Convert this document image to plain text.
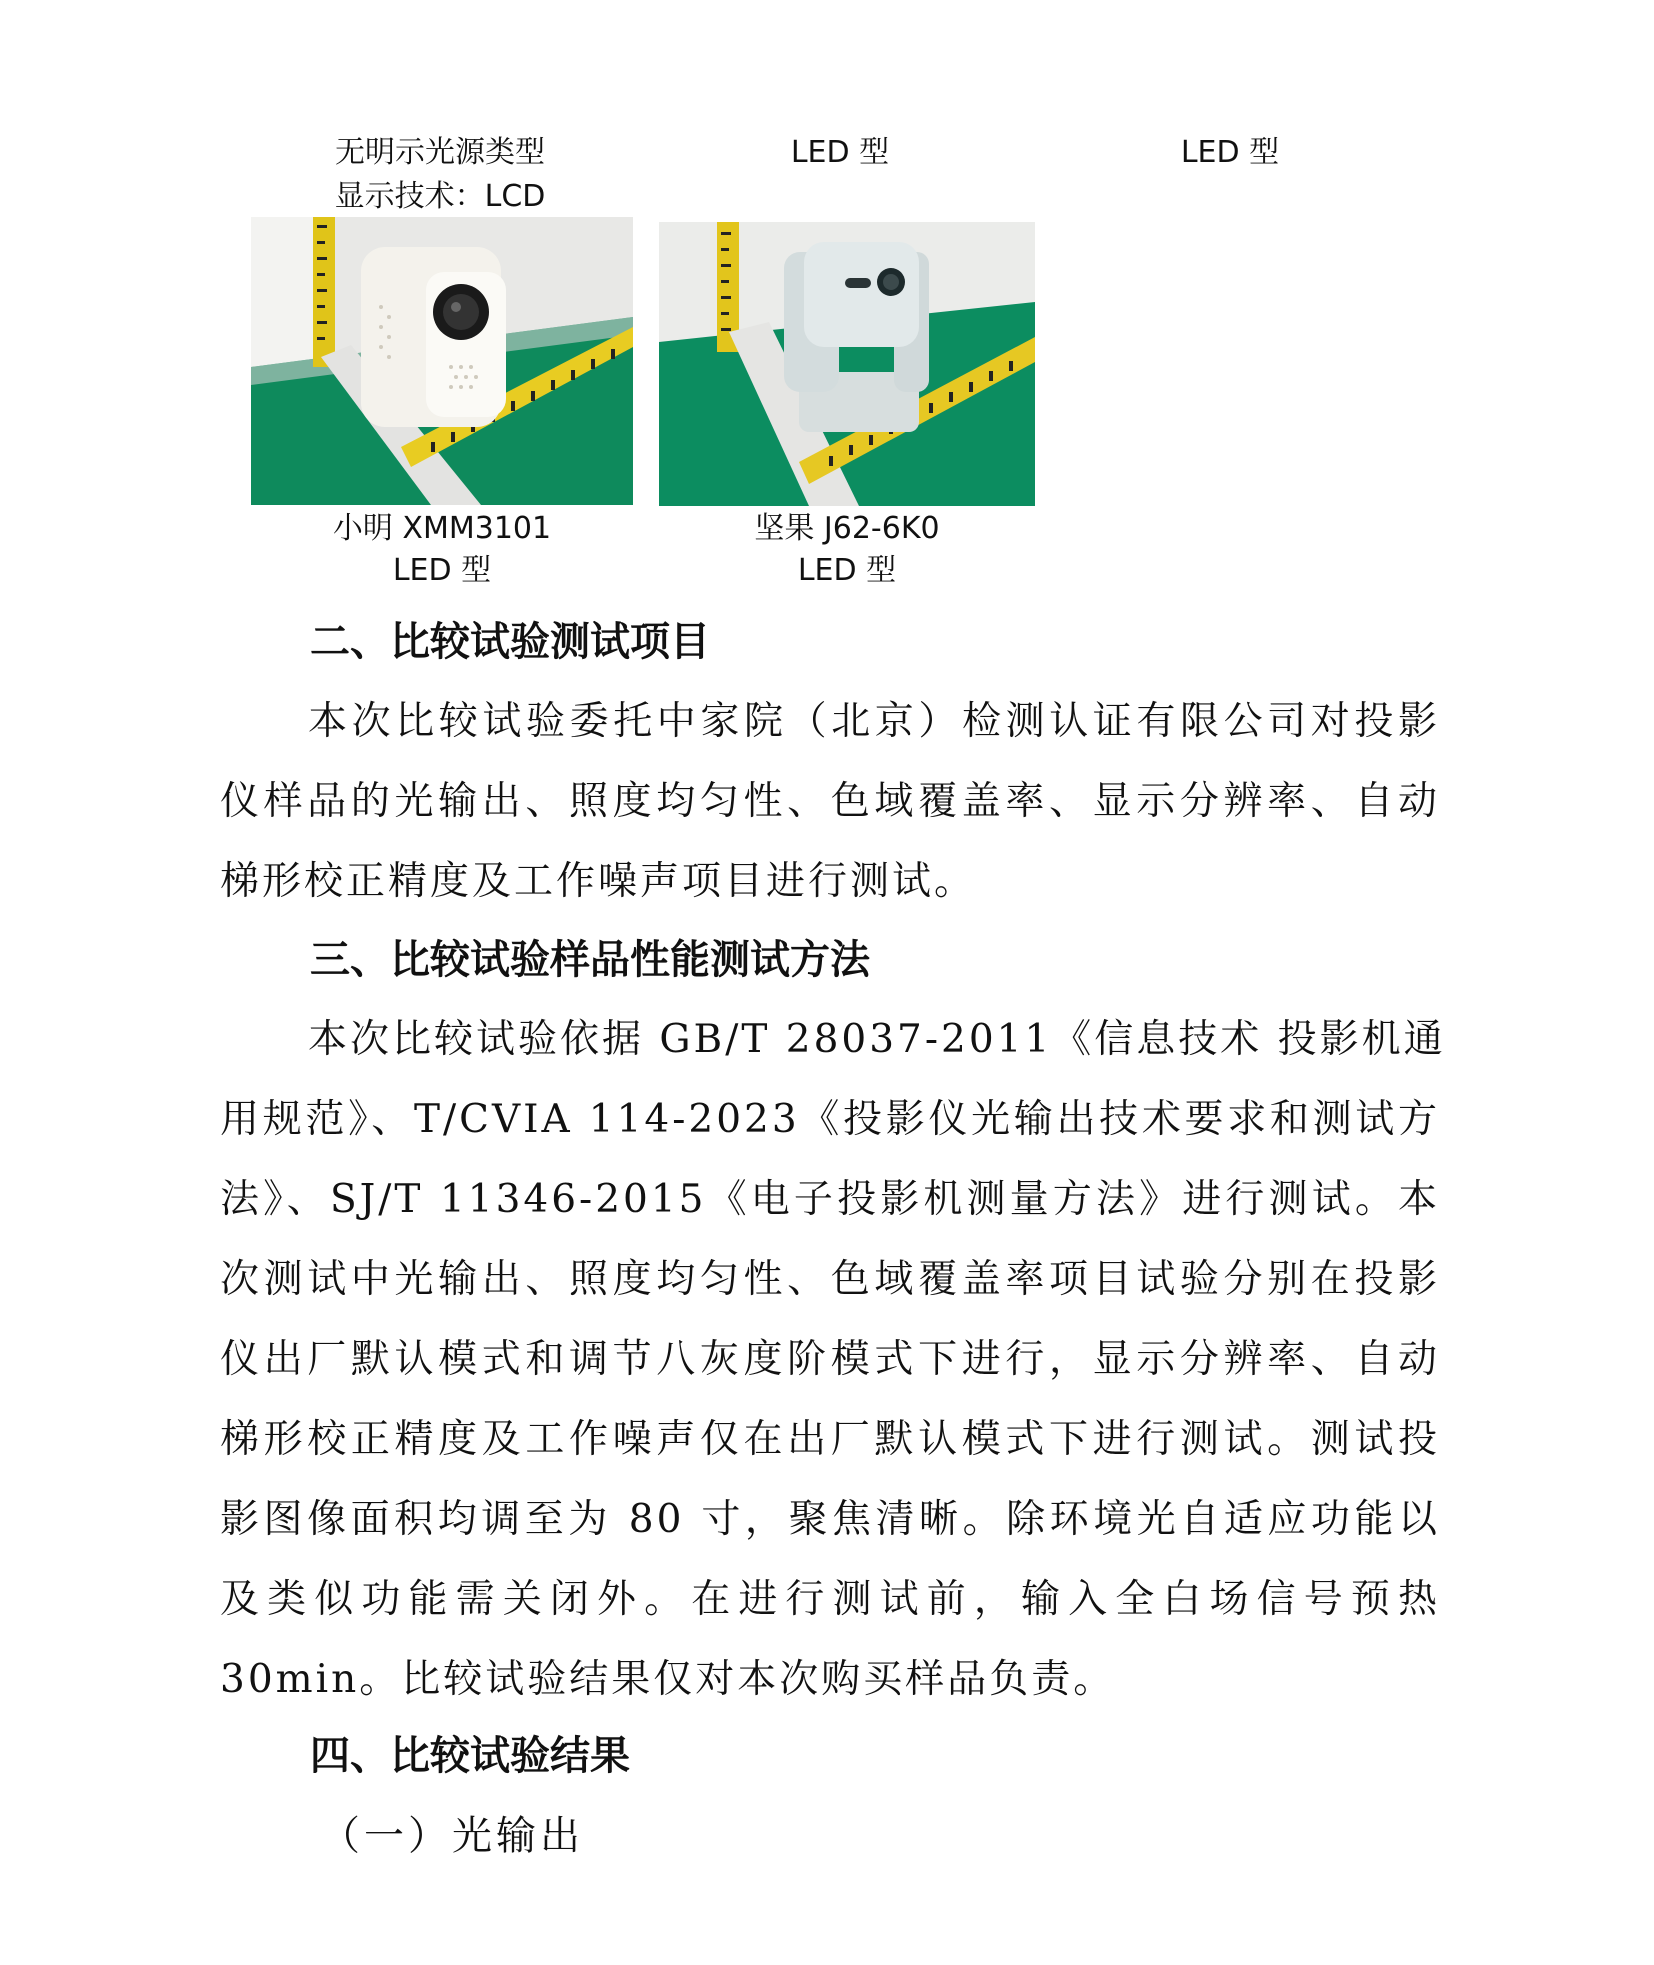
无明示光源类型
显示技术：LCD
LED 型	LED 型
小明 XMM3101
LED 型
坚果 J62-6K0
LED 型
二、比较试验测试项目
本次比较试验委托中家院（北京）检测认证有限公司对投影
仪样品的光输出、照度均匀性、色域覆盖率、显示分辨率、自动
梯形校正精度及工作噪声项目进行测试。
三、比较试验样品性能测试方法
本次比较试验依据 GB/T 28037-2011《信息技术 投影机通
用规范》、T/CVIA 114-2023《投影仪光输出技术要求和测试方
法》、SJ/T 11346-2015《电子投影机测量方法》进行测试。本
次测试中光输出、照度均匀性、色域覆盖率项目试验分别在投影
仪出厂默认模式和调节八灰度阶模式下进行，显示分辨率、自动
梯形校正精度及工作噪声仅在出厂默认模式下进行测试。测试投
影图像面积均调至为 80 寸，聚焦清晰。除环境光自适应功能以
及类似功能需关闭外。在进行测试前，输入全白场信号预热
30min。比较试验结果仅对本次购买样品负责。
四、比较试验结果
（一）光输出
